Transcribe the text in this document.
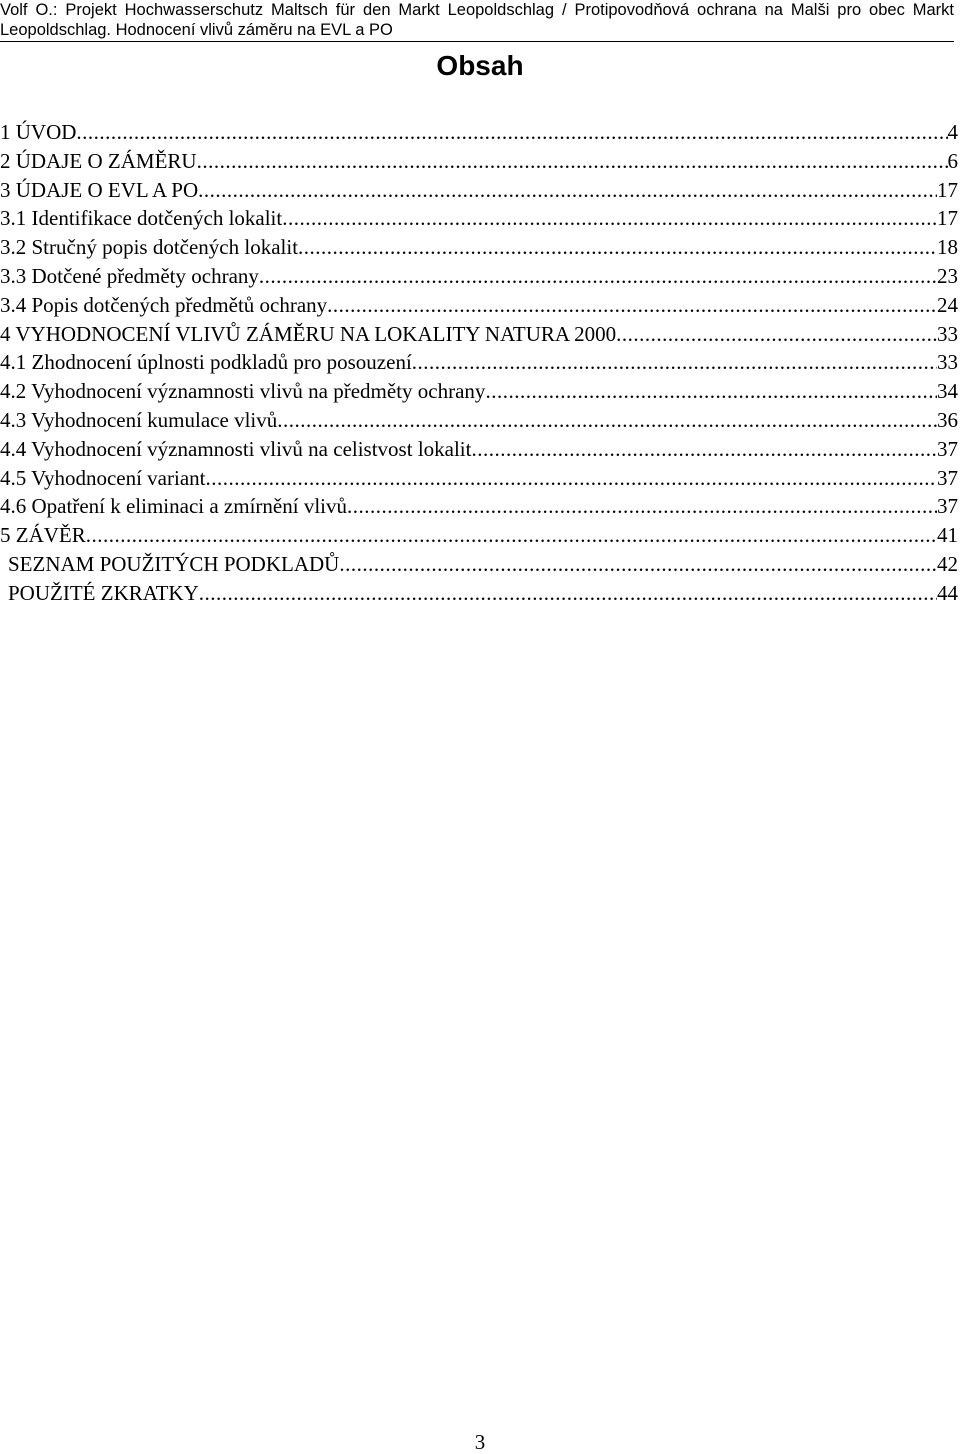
Volf O.: Projekt Hochwasserschutz Maltsch für den Markt Leopoldschlag / Protipovodňová ochrana na Malši pro obec Markt Leopoldschlag. Hodnocení vlivů záměru na EVL a PO
Obsah
1 ÚVOD .....	4
2 ÚDAJE O ZÁMĚRU .....	6
3 ÚDAJE O EVL A PO .....	17
3.1 Identifikace dotčených lokalit .....	17
3.2 Stručný popis dotčených lokalit .....	18
3.3 Dotčené předměty ochrany .....	23
3.4 Popis dotčených předmětů ochrany .....	24
4 VYHODNOCENÍ VLIVŮ ZÁMĚRU NA LOKALITY NATURA 2000 .....	33
4.1 Zhodnocení úplnosti podkladů pro posouzení .....	33
4.2 Vyhodnocení významnosti vlivů na předměty ochrany .....	34
4.3 Vyhodnocení kumulace vlivů .....	36
4.4 Vyhodnocení významnosti vlivů na celistvost lokalit .....	37
4.5 Vyhodnocení variant .....	37
4.6 Opatření k eliminaci a zmírnění vlivů .....	37
5 ZÁVĚR .....	41
SEZNAM POUŽITÝCH PODKLADŮ .....	42
POUŽITÉ ZKRATKY .....	44
3
